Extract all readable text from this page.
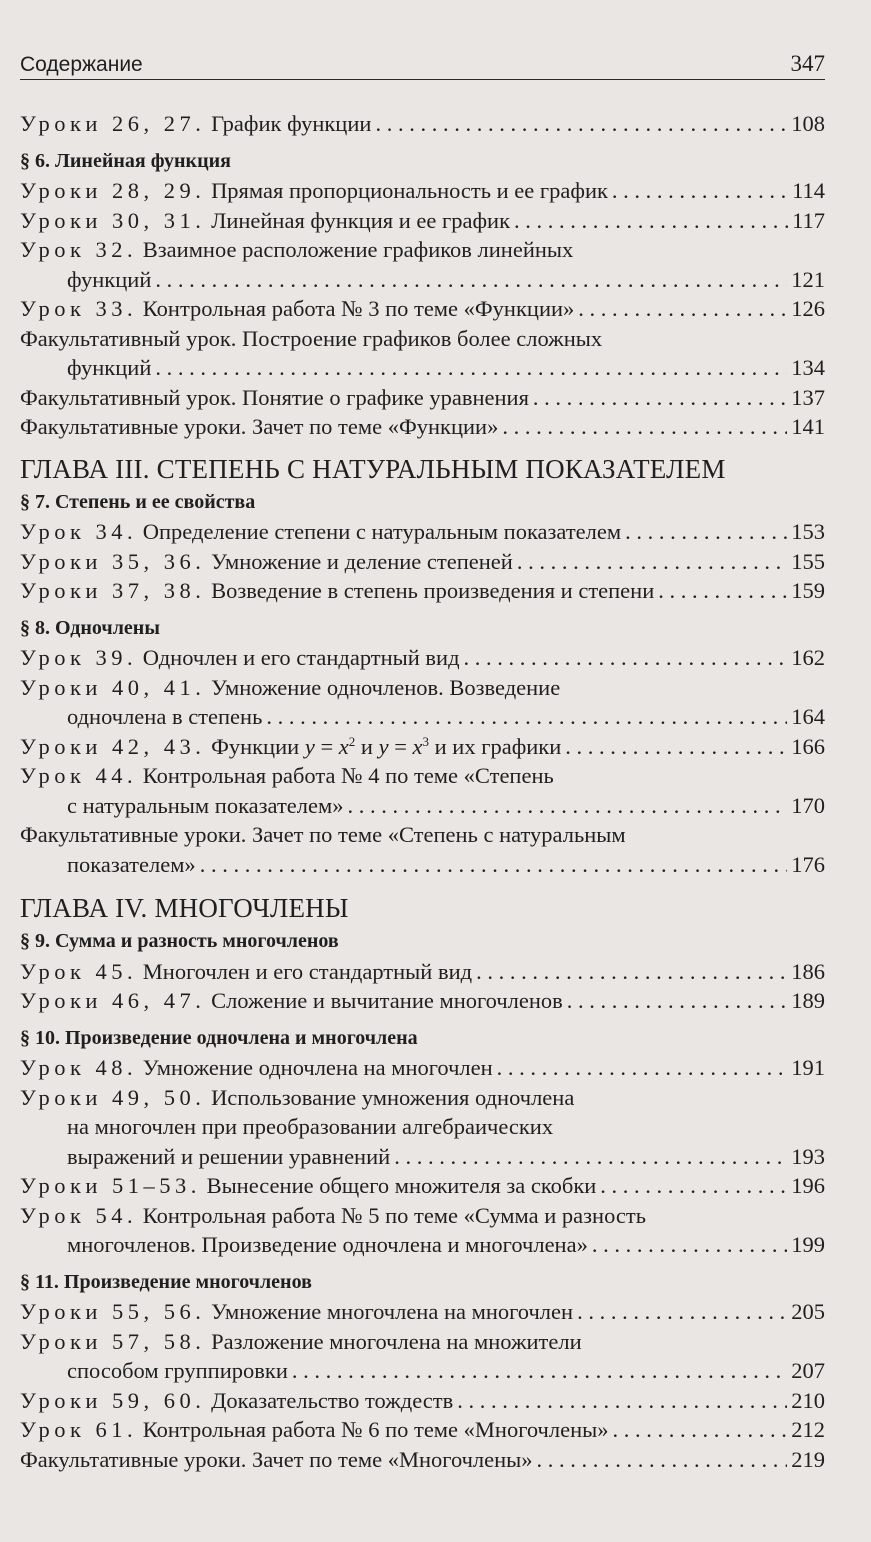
Содержание	347
Уроки 26, 27. График функции . . .	108
§ 6. Линейная функция
Уроки 28, 29. Прямая пропорциональность и ее график . . .	114
Уроки 30, 31. Линейная функция и ее график . . .	117
Урок 32. Взаимное расположение графиков линейных
функций . . .	121
Урок 33. Контрольная работа № 3 по теме «Функции» . . .	126
Факультативный урок. Построение графиков более сложных
функций . . .	134
Факультативный урок. Понятие о графике уравнения . . .	137
Факультативные уроки. Зачет по теме «Функции» . . .	141
ГЛАВА III. СТЕПЕНЬ С НАТУРАЛЬНЫМ ПОКАЗАТЕЛЕМ
§ 7. Степень и ее свойства
Урок 34. Определение степени с натуральным показателем . . .	153
Уроки 35, 36. Умножение и деление степеней . . .	155
Уроки 37, 38. Возведение в степень произведения и степени . . .	159
§ 8. Одночлены
Урок 39. Одночлен и его стандартный вид . . .	162
Уроки 40, 41. Умножение одночленов. Возведение
одночлена в степень . . .	164
Уроки 42, 43. Функции $y = x^2$ и $y = x^3$ и их графики . . .	166
Урок 44. Контрольная работа № 4 по теме «Степень
с натуральным показателем» . . .	170
Факультативные уроки. Зачет по теме «Степень с натуральным
показателем» . . .	176
ГЛАВА IV. МНОГОЧЛЕНЫ
§ 9. Сумма и разность многочленов
Урок 45. Многочлен и его стандартный вид . . .	186
Уроки 46, 47. Сложение и вычитание многочленов . . .	189
§ 10. Произведение одночлена и многочлена
Урок 48. Умножение одночлена на многочлен . . .	191
Уроки 49, 50. Использование умножения одночлена
на многочлен при преобразовании алгебраических
выражений и решении уравнений . . .	193
Уроки 51–53. Вынесение общего множителя за скобки . . .	196
Урок 54. Контрольная работа № 5 по теме «Сумма и разность
многочленов. Произведение одночлена и многочлена» . . .	199
§ 11. Произведение многочленов
Уроки 55, 56. Умножение многочлена на многочлен . . .	205
Уроки 57, 58. Разложение многочлена на множители
способом группировки . . .	207
Уроки 59, 60. Доказательство тождеств . . .	210
Урок 61. Контрольная работа № 6 по теме «Многочлены» . . .	212
Факультативные уроки. Зачет по теме «Многочлены» . . .	219
